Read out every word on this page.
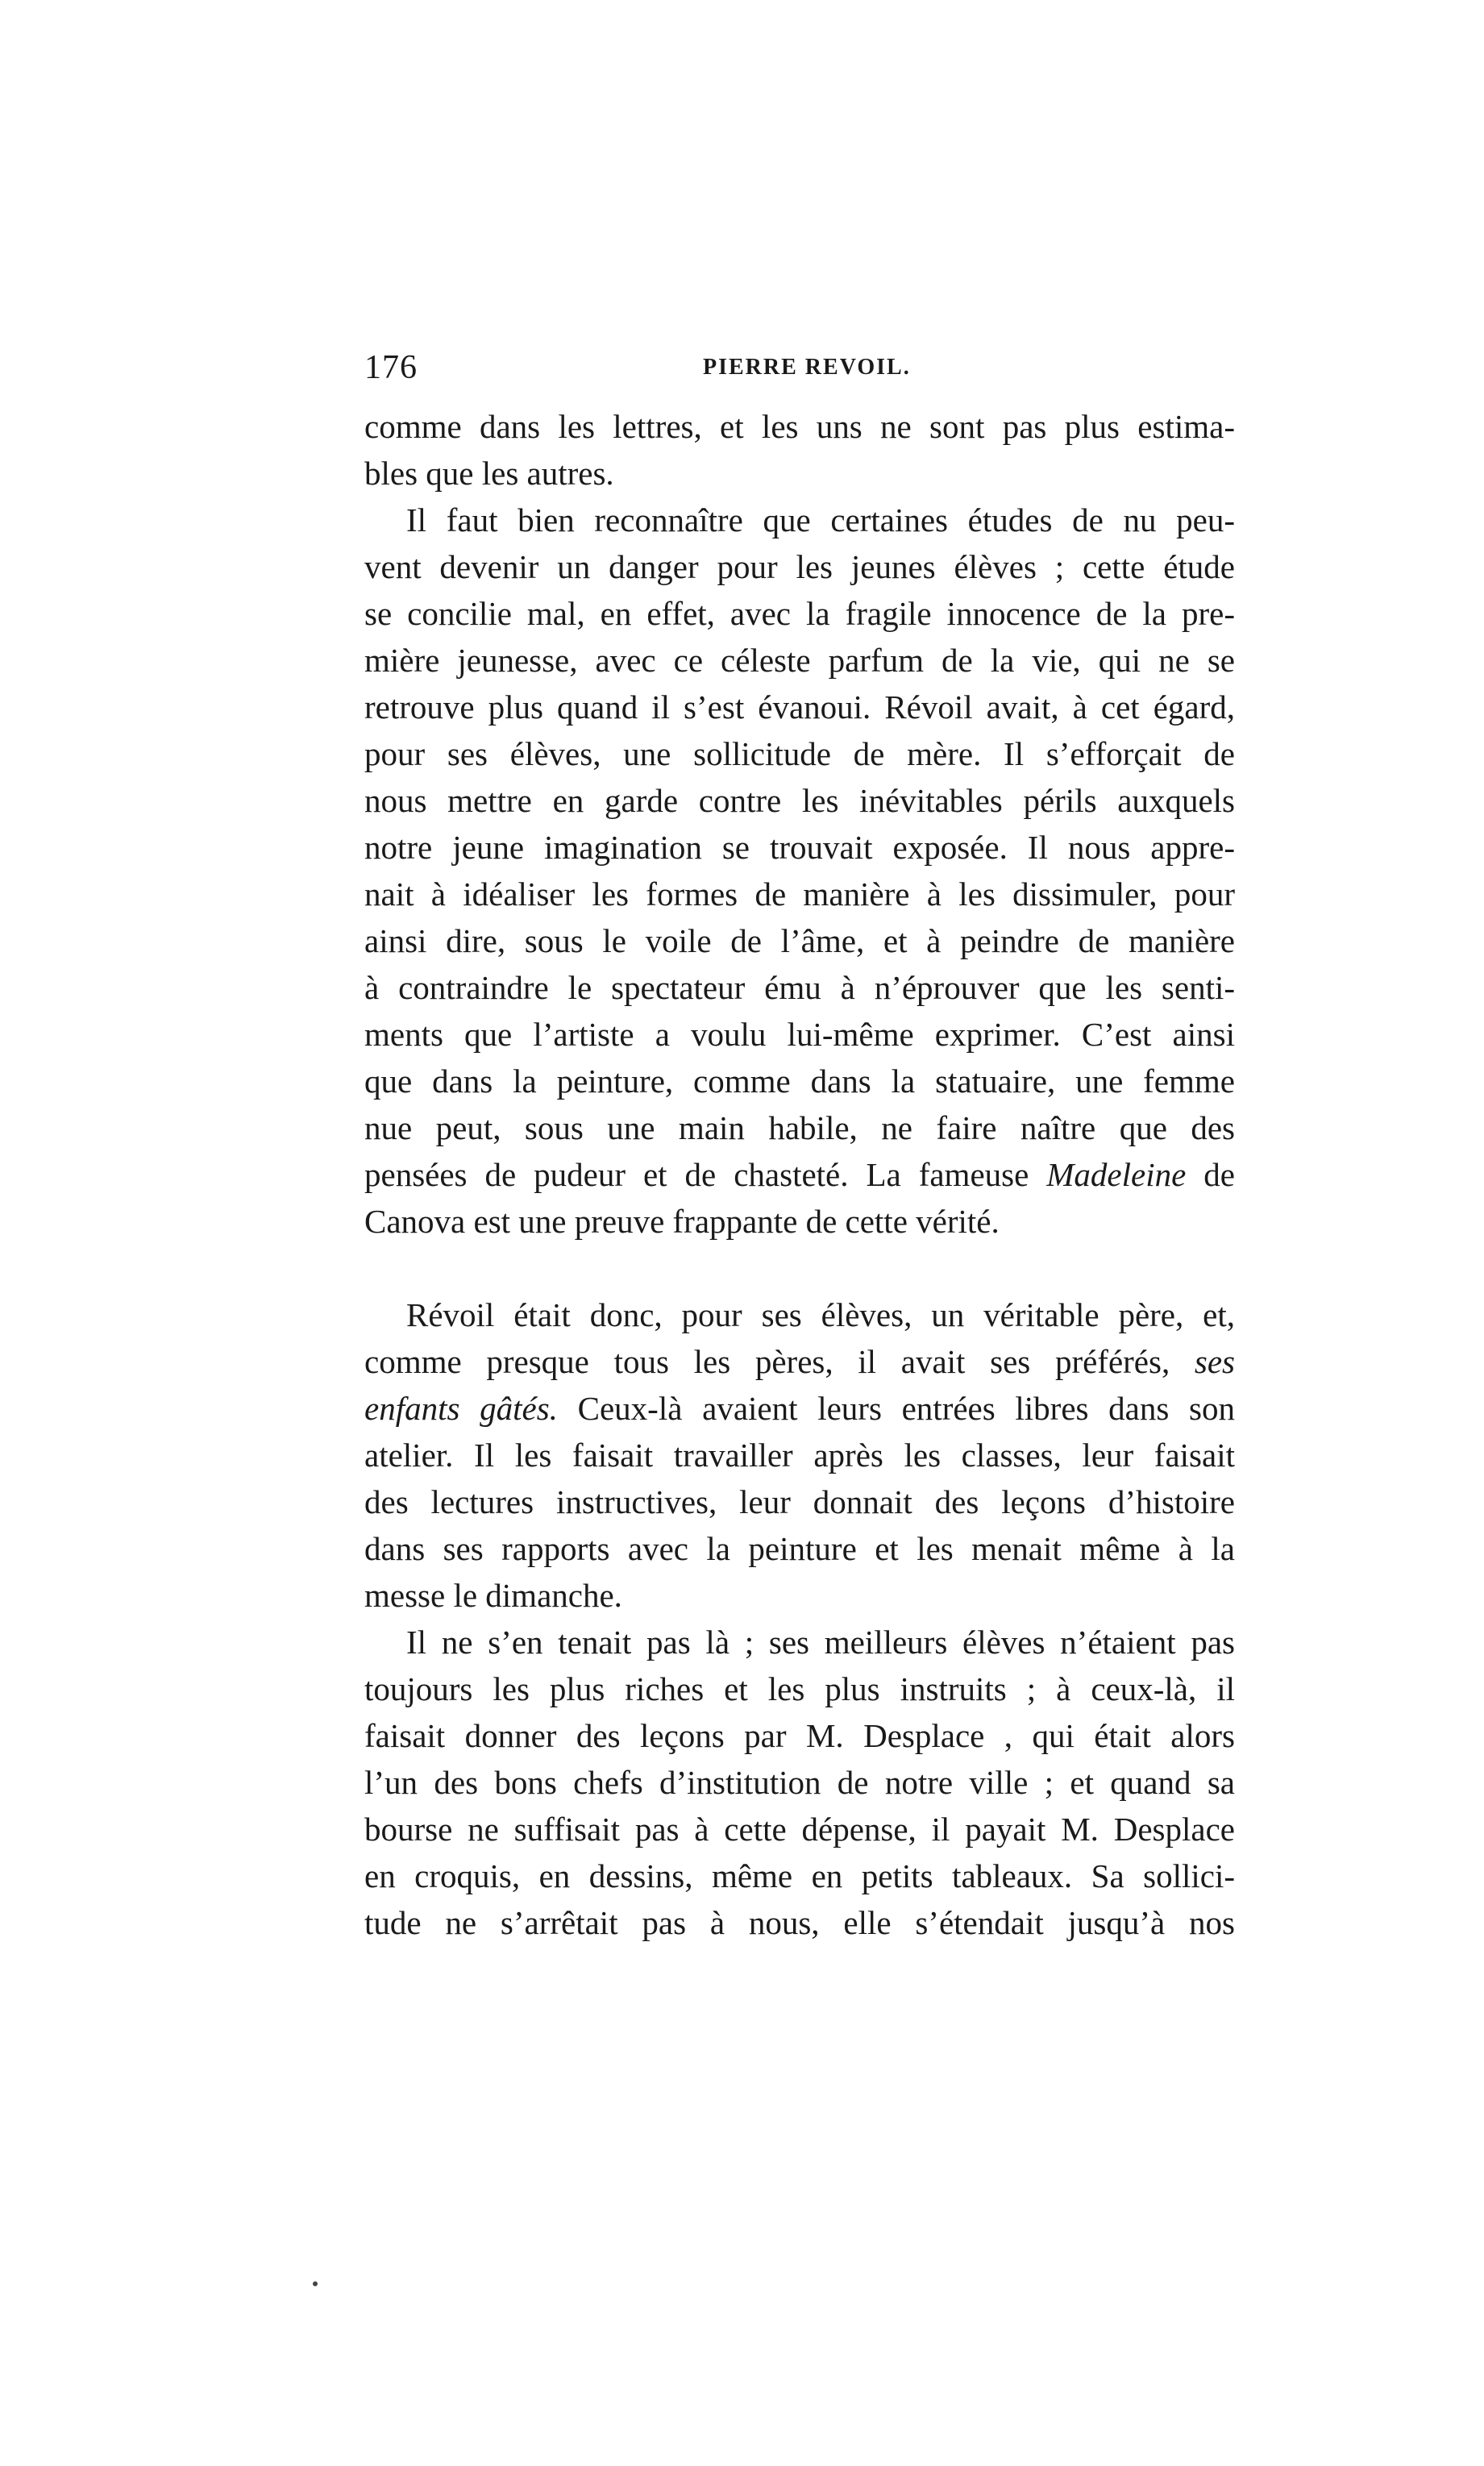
176	PIERRE REVOIL.
comme dans les lettres, et les uns ne sont pas plus estima-
bles que les autres.
Il faut bien reconnaître que certaines études de nu peu-
vent devenir un danger pour les jeunes élèves ; cette étude
se concilie mal, en effet, avec la fragile innocence de la pre-
mière jeunesse, avec ce céleste parfum de la vie, qui ne se
retrouve plus quand il s’est évanoui. Révoil avait, à cet égard,
pour ses élèves, une sollicitude de mère. Il s’efforçait de
nous mettre en garde contre les inévitables périls auxquels
notre jeune imagination se trouvait exposée. Il nous appre-
nait à idéaliser les formes de manière à les dissimuler, pour
ainsi dire, sous le voile de l’âme, et à peindre de manière
à contraindre le spectateur ému à n’éprouver que les senti-
ments que l’artiste a voulu lui-même exprimer. C’est ainsi
que dans la peinture, comme dans la statuaire, une femme
nue peut, sous une main habile, ne faire naître que des
pensées de pudeur et de chasteté. La fameuse Madeleine de
Canova est une preuve frappante de cette vérité.
Révoil était donc, pour ses élèves, un véritable père, et,
comme presque tous les pères, il avait ses préférés, ses
enfants gâtés. Ceux-là avaient leurs entrées libres dans son
atelier. Il les faisait travailler après les classes, leur faisait
des lectures instructives, leur donnait des leçons d’histoire
dans ses rapports avec la peinture et les menait même à la
messe le dimanche.
Il ne s’en tenait pas là ; ses meilleurs élèves n’étaient pas
toujours les plus riches et les plus instruits ; à ceux-là, il
faisait donner des leçons par M. Desplace , qui était alors
l’un des bons chefs d’institution de notre ville ; et quand sa
bourse ne suffisait pas à cette dépense, il payait M. Desplace
en croquis, en dessins, même en petits tableaux. Sa sollici-
tude ne s’arrêtait pas à nous, elle s’étendait jusqu’à nos
